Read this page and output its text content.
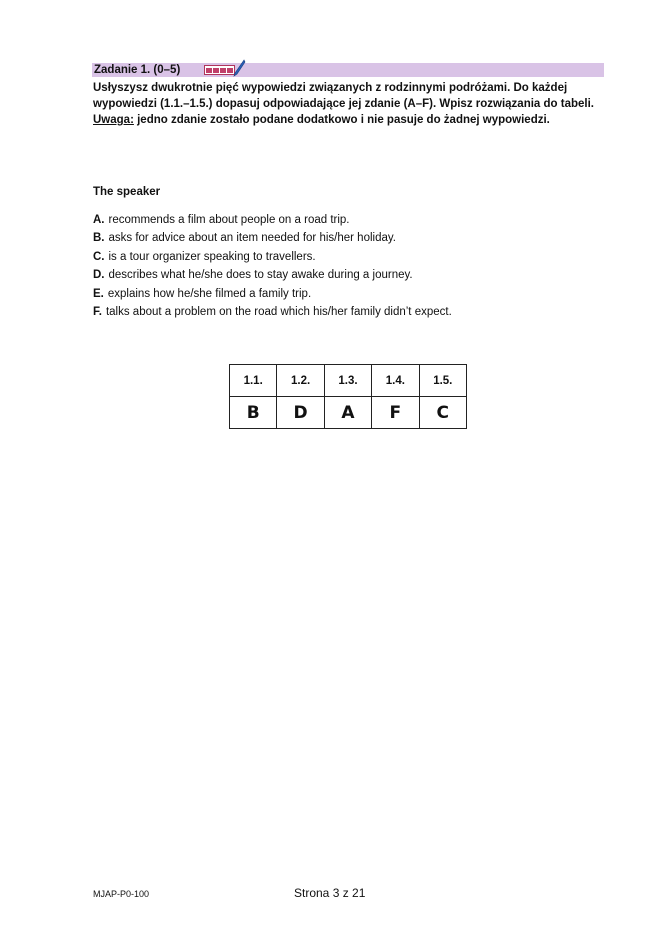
Zadanie 1. (0–5)

Usłyszysz dwukrotnie pięć wypowiedzi związanych z rodzinnymi podróżami. Do każdej wypowiedzi (1.1.–1.5.) dopasuj odpowiadające jej zdanie (A–F). Wpisz rozwiązania do tabeli.

Uwaga: jedno zdanie zostało podane dodatkowo i nie pasuje do żadnej wypowiedzi.

The speaker
A. recommends a film about people on a road trip.
B. asks for advice about an item needed for his/her holiday.
C. is a tour organizer speaking to travellers.
D. describes what he/she does to stay awake during a journey.
E. explains how he/she filmed a family trip.
F. talks about a problem on the road which his/her family didn’t expect.
1.1.	1.2.	1.3.	1.4.	1.5.
B	D	A	F	C
MJAP-P0-100	Strona 3 z 21
